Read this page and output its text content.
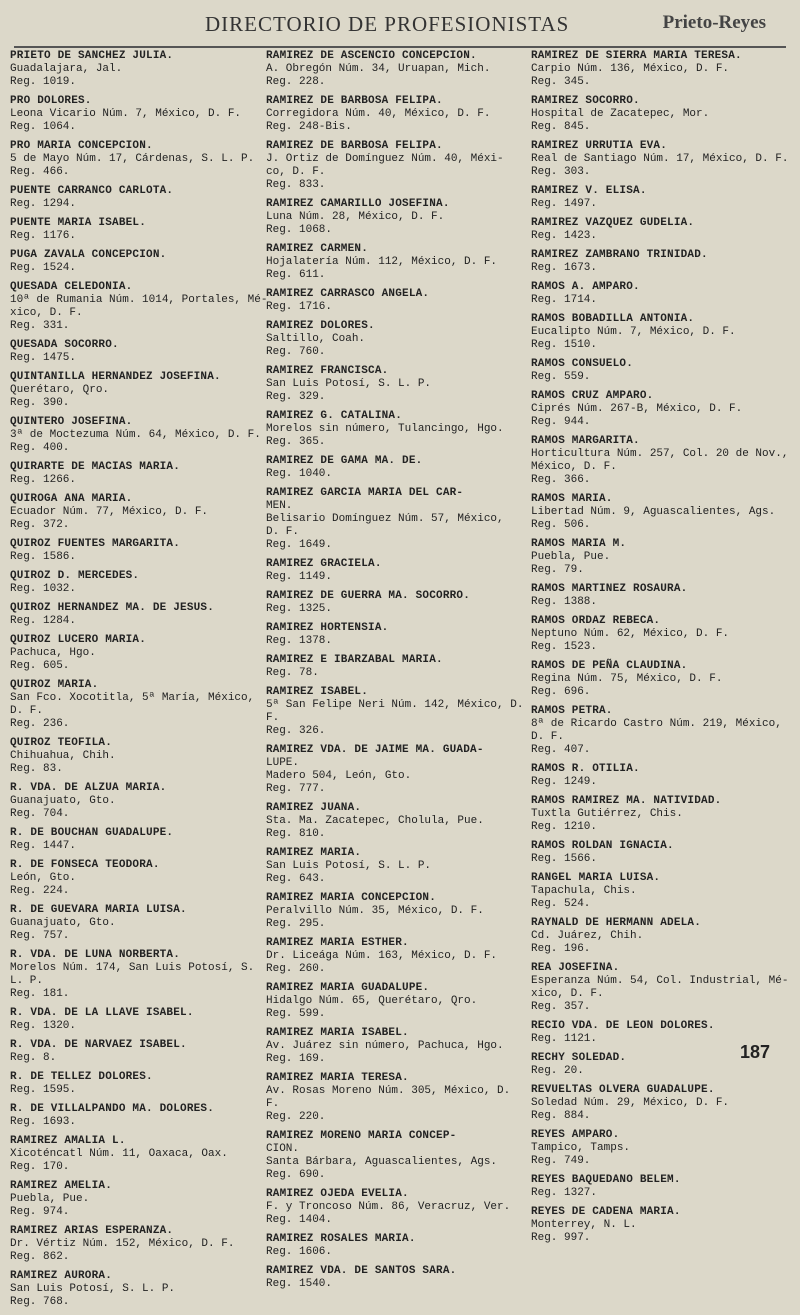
DIRECTORIO DE PROFESIONISTAS	Prieto-Reyes
PRIETO DE SANCHEZ JULIA.
Guadalajara, Jal.
Reg. 1019.
PRO DOLORES.
Leona Vicario Núm. 7, México, D. F.
Reg. 1064.
PRO MARIA CONCEPCION.
5 de Mayo Núm. 17, Cárdenas, S. L. P.
Reg. 466.
PUENTE CARRANCO CARLOTA.
Reg. 1294.
PUENTE MARIA ISABEL.
Reg. 1176.
PUGA ZAVALA CONCEPCION.
Reg. 1524.
QUESADA CELEDONIA.
10ª de Rumania Núm. 1014, Portales, Mé-
xico, D. F.
Reg. 331.
QUESADA SOCORRO.
Reg. 1475.
QUINTANILLA HERNANDEZ JOSEFINA.
Querétaro, Qro.
Reg. 390.
QUINTERO JOSEFINA.
3ª de Moctezuma Núm. 64, México, D. F.
Reg. 400.
QUIRARTE DE MACIAS MARIA.
Reg. 1266.
QUIROGA ANA MARIA.
Ecuador Núm. 77, México, D. F.
Reg. 372.
QUIROZ FUENTES MARGARITA.
Reg. 1586.
QUIROZ D. MERCEDES.
Reg. 1032.
QUIROZ HERNANDEZ MA. DE JESUS.
Reg. 1284.
QUIROZ LUCERO MARIA.
Pachuca, Hgo.
Reg. 605.
QUIROZ MARIA.
San Fco. Xocotitla, 5ª María, México, D. F.
Reg. 236.
QUIROZ TEOFILA.
Chihuahua, Chih.
Reg. 83.
R. VDA. DE ALZUA MARIA.
Guanajuato, Gto.
Reg. 704.
R. DE BOUCHAN GUADALUPE.
Reg. 1447.
R. DE FONSECA TEODORA.
León, Gto.
Reg. 224.
R. DE GUEVARA MARIA LUISA.
Guanajuato, Gto.
Reg. 757.
R. VDA. DE LUNA NORBERTA.
Morelos Núm. 174, San Luis Potosí, S. L. P.
Reg. 181.
R. VDA. DE LA LLAVE ISABEL.
Reg. 1320.
R. VDA. DE NARVAEZ ISABEL.
Reg. 8.
R. DE TELLEZ DOLORES.
Reg. 1595.
R. DE VILLALPANDO MA. DOLORES.
Reg. 1693.
RAMIREZ AMALIA L.
Xicoténcatl Núm. 11, Oaxaca, Oax.
Reg. 170.
RAMIREZ AMELIA.
Puebla, Pue.
Reg. 974.
RAMIREZ ARIAS ESPERANZA.
Dr. Vértiz Núm. 152, México, D. F.
Reg. 862.
RAMIREZ AURORA.
San Luis Potosí, S. L. P.
Reg. 768.
RAMIREZ DE ASCENCIO CONCEPCION.
A. Obregón Núm. 34, Uruapan, Mich.
Reg. 228.
RAMIREZ DE BARBOSA FELIPA.
Corregidora Núm. 40, México, D. F.
Reg. 248-Bis.
RAMIREZ DE BARBOSA FELIPA.
J. Ortiz de Domínguez Núm. 40, Méxi-
co, D. F.
Reg. 833.
RAMIREZ CAMARILLO JOSEFINA.
Luna Núm. 28, México, D. F.
Reg. 1068.
RAMIREZ CARMEN.
Hojalatería Núm. 112, México, D. F.
Reg. 611.
RAMIREZ CARRASCO ANGELA.
Reg. 1716.
RAMIREZ DOLORES.
Saltillo, Coah.
Reg. 760.
RAMIREZ FRANCISCA.
San Luis Potosí, S. L. P.
Reg. 329.
RAMIREZ G. CATALINA.
Morelos sin número, Tulancingo, Hgo.
Reg. 365.
RAMIREZ DE GAMA MA. DE.
Reg. 1040.
RAMIREZ GARCIA MARIA DEL CAR-
MEN.
Belisario Domínguez Núm. 57, México,
D. F.
Reg. 1649.
RAMIREZ GRACIELA.
Reg. 1149.
RAMIREZ DE GUERRA MA. SOCORRO.
Reg. 1325.
RAMIREZ HORTENSIA.
Reg. 1378.
RAMIREZ E IBARZABAL MARIA.
Reg. 78.
RAMIREZ ISABEL.
5ª San Felipe Neri Núm. 142, México, D. F.
Reg. 326.
RAMIREZ VDA. DE JAIME MA. GUADA-
LUPE.
Madero 504, León, Gto.
Reg. 777.
RAMIREZ JUANA.
Sta. Ma. Zacatepec, Cholula, Pue.
Reg. 810.
RAMIREZ MARIA.
San Luis Potosí, S. L. P.
Reg. 643.
RAMIREZ MARIA CONCEPCION.
Peralvillo Núm. 35, México, D. F.
Reg. 295.
RAMIREZ MARIA ESTHER.
Dr. Liceága Núm. 163, México, D. F.
Reg. 260.
RAMIREZ MARIA GUADALUPE.
Hidalgo Núm. 65, Querétaro, Qro.
Reg. 599.
RAMIREZ MARIA ISABEL.
Av. Juárez sin número, Pachuca, Hgo.
Reg. 169.
RAMIREZ MARIA TERESA.
Av. Rosas Moreno Núm. 305, México, D. F.
Reg. 220.
RAMIREZ MORENO MARIA CONCEP-
CION.
Santa Bárbara, Aguascalientes, Ags.
Reg. 690.
RAMIREZ OJEDA EVELIA.
F. y Troncoso Núm. 86, Veracruz, Ver.
Reg. 1404.
RAMIREZ ROSALES MARIA.
Reg. 1606.
RAMIREZ VDA. DE SANTOS SARA.
Reg. 1540.
RAMIREZ DE SIERRA MARIA TERESA.
Carpio Núm. 136, México, D. F.
Reg. 345.
RAMIREZ SOCORRO.
Hospital de Zacatepec, Mor.
Reg. 845.
RAMIREZ URRUTIA EVA.
Real de Santiago Núm. 17, México, D. F.
Reg. 303.
RAMIREZ V. ELISA.
Reg. 1497.
RAMIREZ VAZQUEZ GUDELIA.
Reg. 1423.
RAMIREZ ZAMBRANO TRINIDAD.
Reg. 1673.
RAMOS A. AMPARO.
Reg. 1714.
RAMOS BOBADILLA ANTONIA.
Eucalipto Núm. 7, México, D. F.
Reg. 1510.
RAMOS CONSUELO.
Reg. 559.
RAMOS CRUZ AMPARO.
Ciprés Núm. 267-B, México, D. F.
Reg. 944.
RAMOS MARGARITA.
Horticultura Núm. 257, Col. 20 de Nov.,
México, D. F.
Reg. 366.
RAMOS MARIA.
Libertad Núm. 9, Aguascalientes, Ags.
Reg. 506.
RAMOS MARIA M.
Puebla, Pue.
Reg. 79.
RAMOS MARTINEZ ROSAURA.
Reg. 1388.
RAMOS ORDAZ REBECA.
Neptuno Núm. 62, México, D. F.
Reg. 1523.
RAMOS DE PEÑA CLAUDINA.
Regina Núm. 75, México, D. F.
Reg. 696.
RAMOS PETRA.
8ª de Ricardo Castro Núm. 219, México,
D. F.
Reg. 407.
RAMOS R. OTILIA.
Reg. 1249.
RAMOS RAMIREZ MA. NATIVIDAD.
Tuxtla Gutiérrez, Chis.
Reg. 1210.
RAMOS ROLDAN IGNACIA.
Reg. 1566.
RANGEL MARIA LUISA.
Tapachula, Chis.
Reg. 524.
RAYNALD DE HERMANN ADELA.
Cd. Juárez, Chih.
Reg. 196.
REA JOSEFINA.
Esperanza Núm. 54, Col. Industrial, Mé-
xico, D. F.
Reg. 357.
RECIO VDA. DE LEON DOLORES.
Reg. 1121.
RECHY SOLEDAD.
Reg. 20.
REVUELTAS OLVERA GUADALUPE.
Soledad Núm. 29, México, D. F.
Reg. 884.
REYES AMPARO.
Tampico, Tamps.
Reg. 749.
REYES BAQUEDANO BELEM.
Reg. 1327.
REYES DE CADENA MARIA.
Monterrey, N. L.
Reg. 997.
187
